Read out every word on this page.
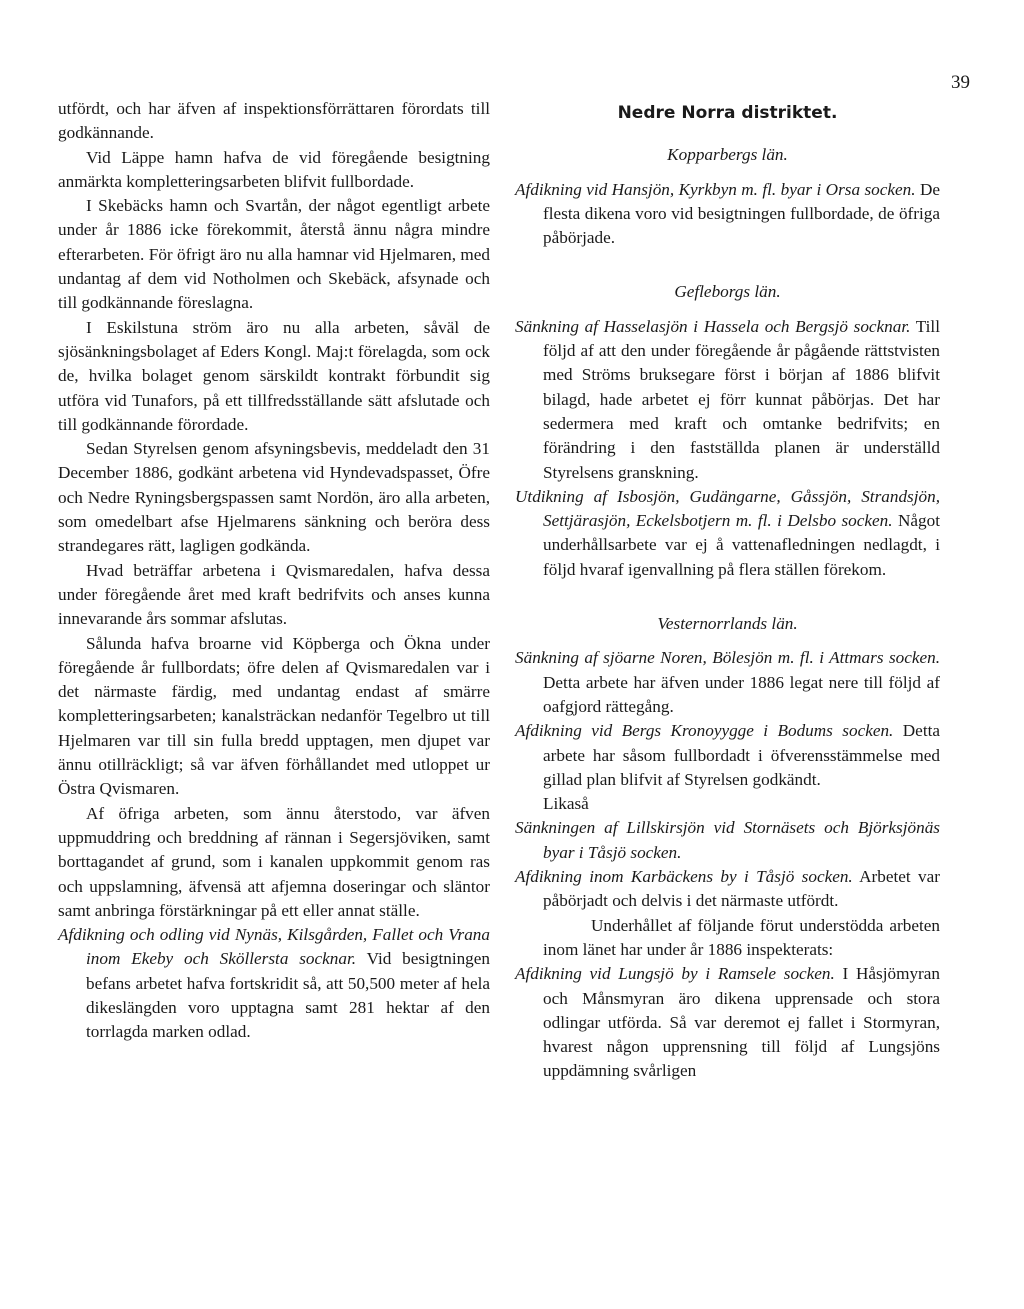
39

utfördt, och har äfven af inspektionsförrättaren förordats till godkännande.

Vid Läppe hamn hafva de vid föregående besigtning anmärkta kompletteringsarbeten blifvit fullbordade.

I Skebäcks hamn och Svartån, der något egentligt arbete under år 1886 icke förekommit, återstå ännu några mindre efterarbeten. För öfrigt äro nu alla hamnar vid Hjelmaren, med undantag af dem vid Notholmen och Skebäck, afsynade och till godkännande föreslagna.

I Eskilstuna ström äro nu alla arbeten, såväl de sjösänkningsbolaget af Eders Kongl. Maj:t förelagda, som ock de, hvilka bolaget genom särskildt kontrakt förbundit sig utföra vid Tunafors, på ett tillfredsställande sätt afslutade och till godkännande förordade.

Sedan Styrelsen genom afsyningsbevis, meddeladt den 31 December 1886, godkänt arbetena vid Hyndevadspasset, Öfre och Nedre Ryningsbergspassen samt Nordön, äro alla arbeten, som omedelbart afse Hjelmarens sänkning och beröra dess strandegares rätt, lagligen godkända.

Hvad beträffar arbetena i Qvismaredalen, hafva dessa under föregående året med kraft bedrifvits och anses kunna innevarande års sommar afslutas.

Sålunda hafva broarne vid Köpberga och Ökna under föregående år fullbordats; öfre delen af Qvismaredalen var i det närmaste färdig, med undantag endast af smärre kompletteringsarbeten; kanalsträckan nedanför Tegelbro ut till Hjelmaren var till sin fulla bredd upptagen, men djupet var ännu otillräckligt; så var äfven förhållandet med utloppet ur Östra Qvismaren.

Af öfriga arbeten, som ännu återstodo, var äfven uppmuddring och breddning af rännan i Segersjöviken, samt borttagandet af grund, som i kanalen uppkommit genom ras och uppslamning, äfvensä att afjemna doseringar och släntor samt anbringa förstärkningar på ett eller annat ställe.

Afdikning och odling vid Nynäs, Kilsgården, Fallet och Vrana inom Ekeby och Sköllersta socknar. Vid besigtningen befans arbetet hafva fortskridit så, att 50,500 meter af hela dikeslängden voro upptagna samt 281 hektar af den torrlagda marken odlad.

Nedre Norra distriktet.

Kopparbergs län.

Afdikning vid Hansjön, Kyrkbyn m. fl. byar i Orsa socken. De flesta dikena voro vid besigtningen fullbordade, de öfriga påbörjade.

Gefleborgs län.

Sänkning af Hasselasjön i Hassela och Bergsjö socknar. Till följd af att den under föregående år pågående rättstvisten med Ströms bruksegare först i början af 1886 blifvit bilagd, hade arbetet ej förr kunnat påbörjas. Det har sedermera med kraft och omtanke bedrifvits; en förändring i den fastställda planen är underställd Styrelsens granskning.

Utdikning af Isbosjön, Gudängarne, Gåssjön, Strandsjön, Settjärasjön, Eckelsbotjern m. fl. i Delsbo socken. Något underhållsarbete var ej å vattenafledningen nedlagdt, i följd hvaraf igenvallning på flera ställen förekom.

Vesternorrlands län.

Sänkning af sjöarne Noren, Bölesjön m. fl. i Attmars socken. Detta arbete har äfven under 1886 legat nere till följd af oafgjord rättegång.

Afdikning vid Bergs Kronoyygge i Bodums socken. Detta arbete har såsom fullbordadt i öfverensstämmelse med gillad plan blifvit af Styrelsen godkändt.

Likaså

Sänkningen af Lillskirsjön vid Stornäsets och Björksjönäs byar i Tåsjö socken.

Afdikning inom Karbäckens by i Tåsjö socken. Arbetet var påbörjadt och delvis i det närmaste utfördt.

Underhållet af följande förut understödda arbeten inom länet har under år 1886 inspekterats:

Afdikning vid Lungsjö by i Ramsele socken. I Håsjömyran och Månsmyran äro dikena upprensade och stora odlingar utförda. Så var deremot ej fallet i Stormyran, hvarest någon upprensning till följd af Lungsjöns uppdämning svårligen
